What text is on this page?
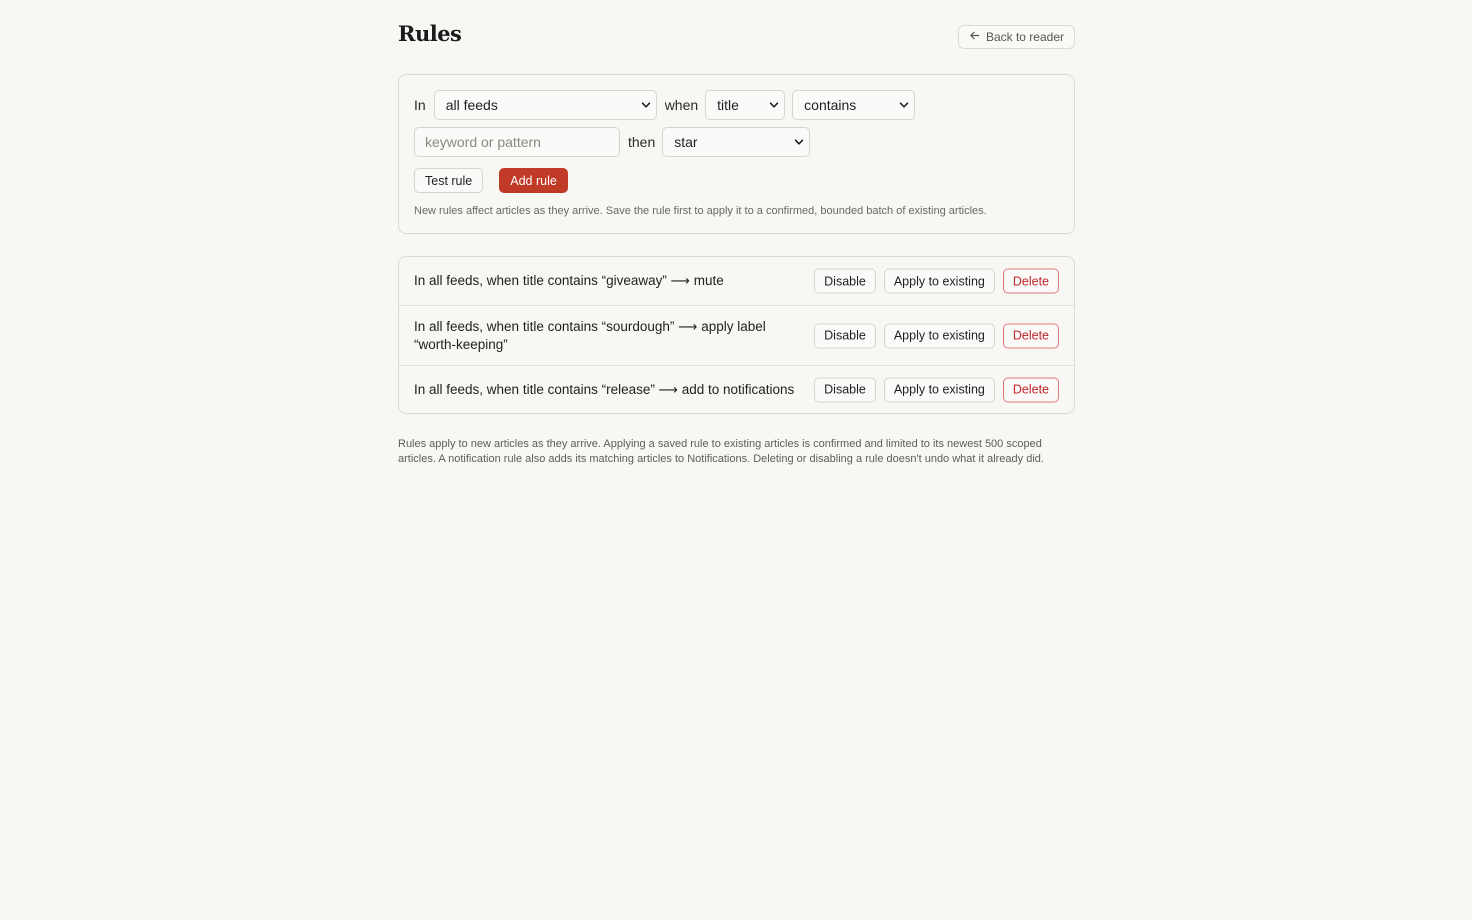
Rules	Back to reader
In all feeds	when title	contains
keyword or pattern	then star
Test rule	Add rule

New rules affect articles as they arrive. Save the rule first to apply it to a confirmed, bounded batch of existing articles.

In all feeds, when title contains “giveaway” ⟶ mute	Disable	Apply to existing	Delete
In all feeds, when title contains “sourdough” ⟶ apply label “worth-keeping”
Disable	Apply to existing	Delete
In all feeds, when title contains “release” ⟶ add to notifications	Disable	Apply to existing	Delete

Rules apply to new articles as they arrive. Applying a saved rule to existing articles is confirmed and limited to its newest 500 scoped articles. A notification rule also adds its matching articles to Notifications. Deleting or disabling a rule doesn't undo what it already did.
